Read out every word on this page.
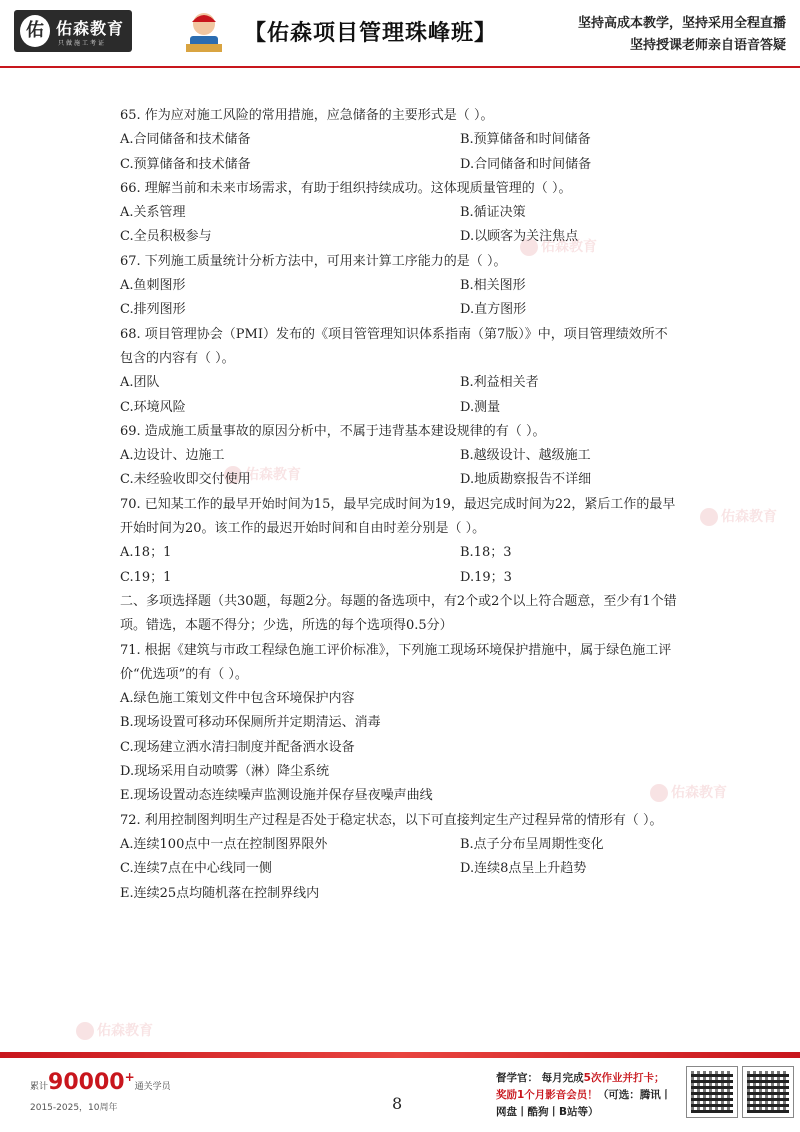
佑 佑森教育
只做施工考证	【佑森项目管理珠峰班】	坚持高成本教学，坚持采用全程直播
坚持授课老师亲自语音答疑
佑森教育
佑森教育
佑森教育
佑森教育
佑森教育
65. 作为应对施工风险的常用措施，应急储备的主要形式是（ ）。
A.合同储备和技术储备	B.预算储备和时间储备
C.预算储备和技术储备	D.合同储备和时间储备
66. 理解当前和未来市场需求，有助于组织持续成功。这体现质量管理的（ ）。
A.关系管理	B.循证决策
C.全员积极参与	D.以顾客为关注焦点
67. 下列施工质量统计分析方法中，可用来计算工序能力的是（ ）。
A.鱼刺图形	B.相关图形
C.排列图形	D.直方图形
68. 项目管理协会（PMI）发布的《项目管管理知识体系指南（第7版）》中，项目管理绩效所不包含的内容有（ ）。
A.团队	B.利益相关者
C.环境风险	D.测量
69. 造成施工质量事故的原因分析中，不属于违背基本建设规律的有（ ）。
A.边设计、边施工	B.越级设计、越级施工
C.未经验收即交付使用	D.地质勘察报告不详细
70. 已知某工作的最早开始时间为15，最早完成时间为19，最迟完成时间为22，紧后工作的最早开始时间为20。该工作的最迟开始时间和自由时差分别是（ ）。
A.18；1	B.18；3
C.19；1	D.19；3
二、多项选择题（共30题，每题2分。每题的备选项中，有2个或2个以上符合题意，至少有1个错项。错选，本题不得分；少选，所选的每个选项得0.5分）
71. 根据《建筑与市政工程绿色施工评价标准》，下列施工现场环境保护措施中，属于绿色施工评价“优选项”的有（ ）。
A.绿色施工策划文件中包含环境保护内容
B.现场设置可移动环保厕所并定期清运、消毒
C.现场建立洒水清扫制度并配备洒水设备
D.现场采用自动喷雾（淋）降尘系统
E.现场设置动态连续噪声监测设施并保存昼夜噪声曲线
72. 利用控制图判明生产过程是否处于稳定状态，以下可直接判定生产过程异常的情形有（ ）。
A.连续100点中一点在控制图界限外	B.点子分布呈周期性变化
C.连续7点在中心线同一侧	D.连续8点呈上升趋势
E.连续25点均随机落在控制界线内
累计90000+通关学员
2015-2025，10周年	8
督学官： 每月完成5次作业并打卡；
奖励1个月影音会员！（可选：腾讯丨
网盘丨酷狗丨B站等）
